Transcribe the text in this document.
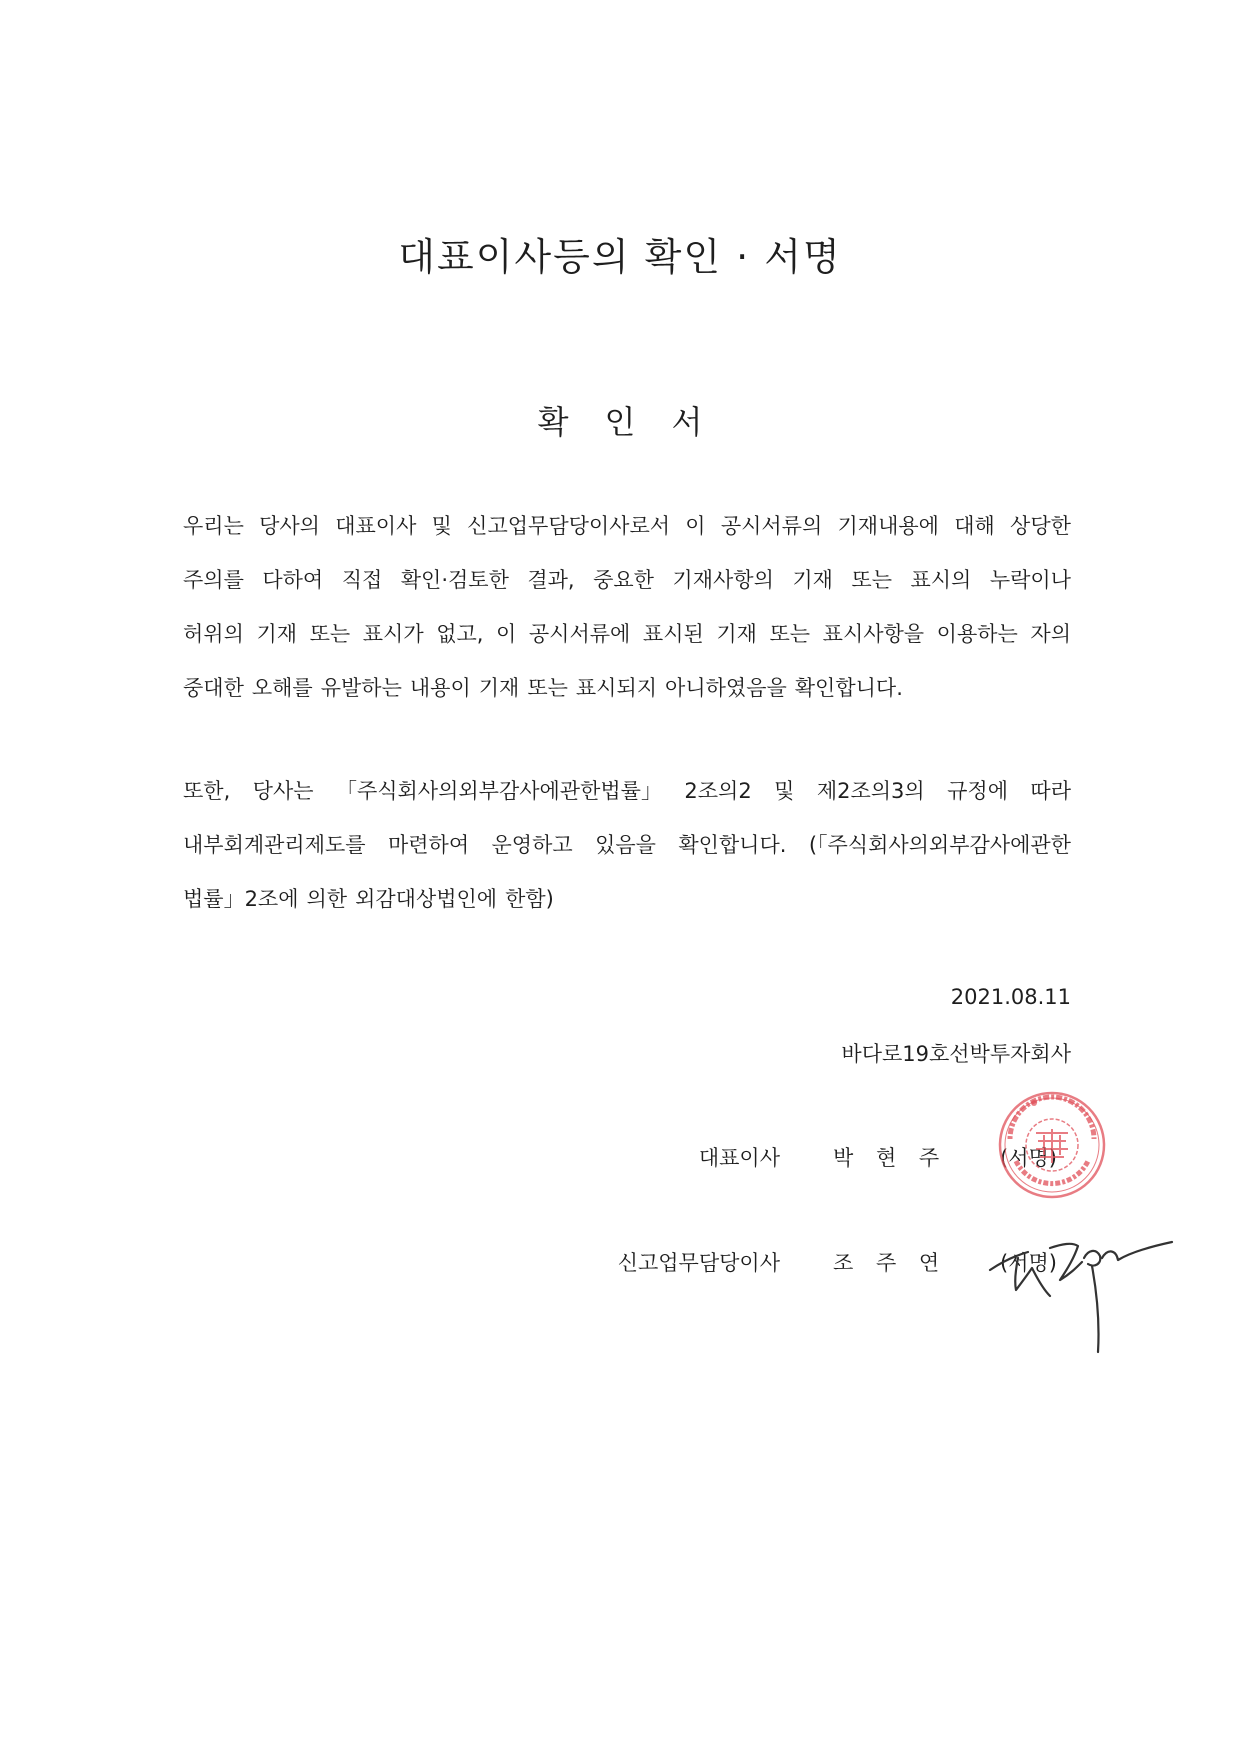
대표이사등의 확인 · 서명
확 인 서
우리는 당사의 대표이사 및 신고업무담당이사로서 이 공시서류의 기재내용에 대해 상당한
주의를 다하여 직접 확인·검토한 결과, 중요한 기재사항의 기재 또는 표시의 누락이나
허위의 기재 또는 표시가 없고, 이 공시서류에 표시된 기재 또는 표시사항을 이용하는 자의
중대한 오해를 유발하는 내용이 기재 또는 표시되지 아니하였음을 확인합니다.
또한, 당사는 「주식회사의외부감사에관한법률」 2조의2 및 제2조의3의 규정에 따라
내부회계관리제도를 마련하여 운영하고 있음을 확인합니다. (「주식회사의외부감사에관한
법률」2조에 의한 외감대상법인에 한함)
2021.08.11
바다로19호선박투자회사
대표이사	박 현 주	(서명)
신고업무담당이사	조 주 연	(서명)
